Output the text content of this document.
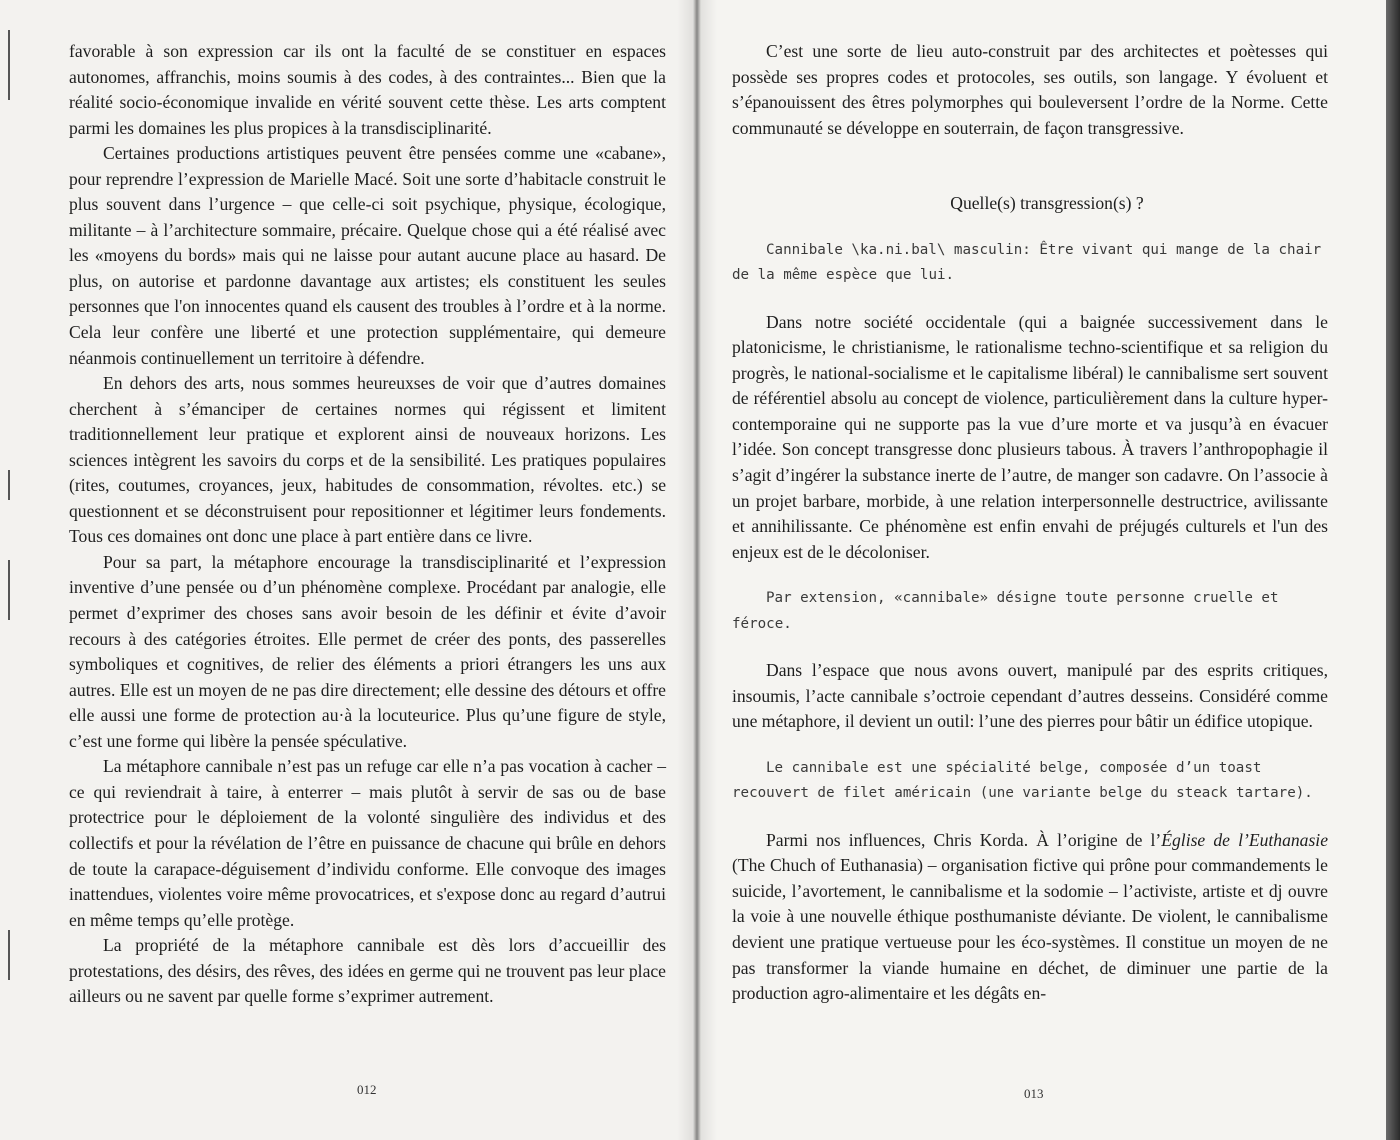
favorable à son expression car ils ont la faculté de se constituer en espaces autonomes, affranchis, moins soumis à des codes, à des contraintes... Bien que la réalité socio-économique invalide en vérité souvent cette thèse. Les arts comptent parmi les domaines les plus propices à la transdisciplinarité.

Certaines productions artistiques peuvent être pensées comme une «cabane», pour reprendre l’expression de Marielle Macé. Soit une sorte d’habitacle construit le plus souvent dans l’urgence – que celle-ci soit psychique, physique, écologique, militante – à l’architecture sommaire, précaire. Quelque chose qui a été réalisé avec les «moyens du bords» mais qui ne laisse pour autant aucune place au hasard. De plus, on autorise et pardonne davantage aux artistes; els constituent les seules personnes que l'on innocentes quand els causent des troubles à l’ordre et à la norme. Cela leur confère une liberté et une protection supplémentaire, qui demeure néanmois continuellement un territoire à défendre.

En dehors des arts, nous sommes heureuxses de voir que d’autres domaines cherchent à s’émanciper de certaines normes qui régissent et limitent traditionnellement leur pratique et explorent ainsi de nouveaux horizons. Les sciences intègrent les savoirs du corps et de la sensibilité. Les pratiques populaires (rites, coutumes, croyances, jeux, habitudes de consommation, révoltes. etc.) se questionnent et se déconstruisent pour repositionner et légitimer leurs fondements. Tous ces domaines ont donc une place à part entière dans ce livre.

Pour sa part, la métaphore encourage la transdisciplinarité et l’expression inventive d’une pensée ou d’un phénomène complexe. Procédant par analogie, elle permet d’exprimer des choses sans avoir besoin de les définir et évite d’avoir recours à des catégories étroites. Elle permet de créer des ponts, des passerelles symboliques et cognitives, de relier des éléments a priori étrangers les uns aux autres. Elle est un moyen de ne pas dire directement; elle dessine des détours et offre elle aussi une forme de protection au·à la locuteurice. Plus qu’une figure de style, c’est une forme qui libère la pensée spéculative.

La métaphore cannibale n’est pas un refuge car elle n’a pas vocation à cacher – ce qui reviendrait à taire, à enterrer – mais plutôt à servir de sas ou de base protectrice pour le déploiement de la volonté singulière des individus et des collectifs et pour la révélation de l’être en puissance de chacune qui brûle en dehors de toute la carapace-déguisement d’individu conforme. Elle convoque des images inattendues, violentes voire même provocatrices, et s'expose donc au regard d’autrui en même temps qu’elle protège.

La propriété de la métaphore cannibale est dès lors d’accueillir des protestations, des désirs, des rêves, des idées en germe qui ne trouvent pas leur place ailleurs ou ne savent par quelle forme s’exprimer autrement.

012

C’est une sorte de lieu auto-construit par des architectes et poètesses qui possède ses propres codes et protocoles, ses outils, son langage. Y évoluent et s’épanouissent des êtres polymorphes qui bouleversent l’ordre de la Norme. Cette communauté se développe en souterrain, de façon transgressive.

Quelle(s) transgression(s) ?

Cannibale \ka.ni.bal\ masculin: Être vivant qui mange de la chair de la même espèce que lui.

Dans notre société occidentale (qui a baignée successivement dans le platonicisme, le christianisme, le rationalisme techno-scientifique et sa religion du progrès, le national-socialisme et le capitalisme libéral) le cannibalisme sert souvent de référentiel absolu au concept de violence, particulièrement dans la culture hyper-contemporaine qui ne supporte pas la vue d’ure morte et va jusqu’à en évacuer l’idée. Son concept transgresse donc plusieurs tabous. À travers l’anthropophagie il s’agit d’ingérer la substance inerte de l’autre, de manger son cadavre. On l’associe à un projet barbare, morbide, à une relation interpersonnelle destructrice, avilissante et annihilissante. Ce phénomène est enfin envahi de préjugés culturels et l'un des enjeux est de le décoloniser.

Par extension, «cannibale» désigne toute personne cruelle et féroce.

Dans l’espace que nous avons ouvert, manipulé par des esprits critiques, insoumis, l’acte cannibale s’octroie cependant d’autres desseins. Considéré comme une métaphore, il devient un outil: l’une des pierres pour bâtir un édifice utopique.

Le cannibale est une spécialité belge, composée d’un toast recouvert de filet américain (une variante belge du steack tartare).

Parmi nos influences, Chris Korda. À l’origine de l’Église de l’Euthanasie (The Chuch of Euthanasia) – organisation fictive qui prône pour commandements le suicide, l’avortement, le cannibalisme et la sodomie – l’activiste, artiste et dj ouvre la voie à une nouvelle éthique posthumaniste déviante. De violent, le cannibalisme devient une pratique vertueuse pour les éco-systèmes. Il constitue un moyen de ne pas transformer la viande humaine en déchet, de diminuer une partie de la production agro-alimentaire et les dégâts en-

013
